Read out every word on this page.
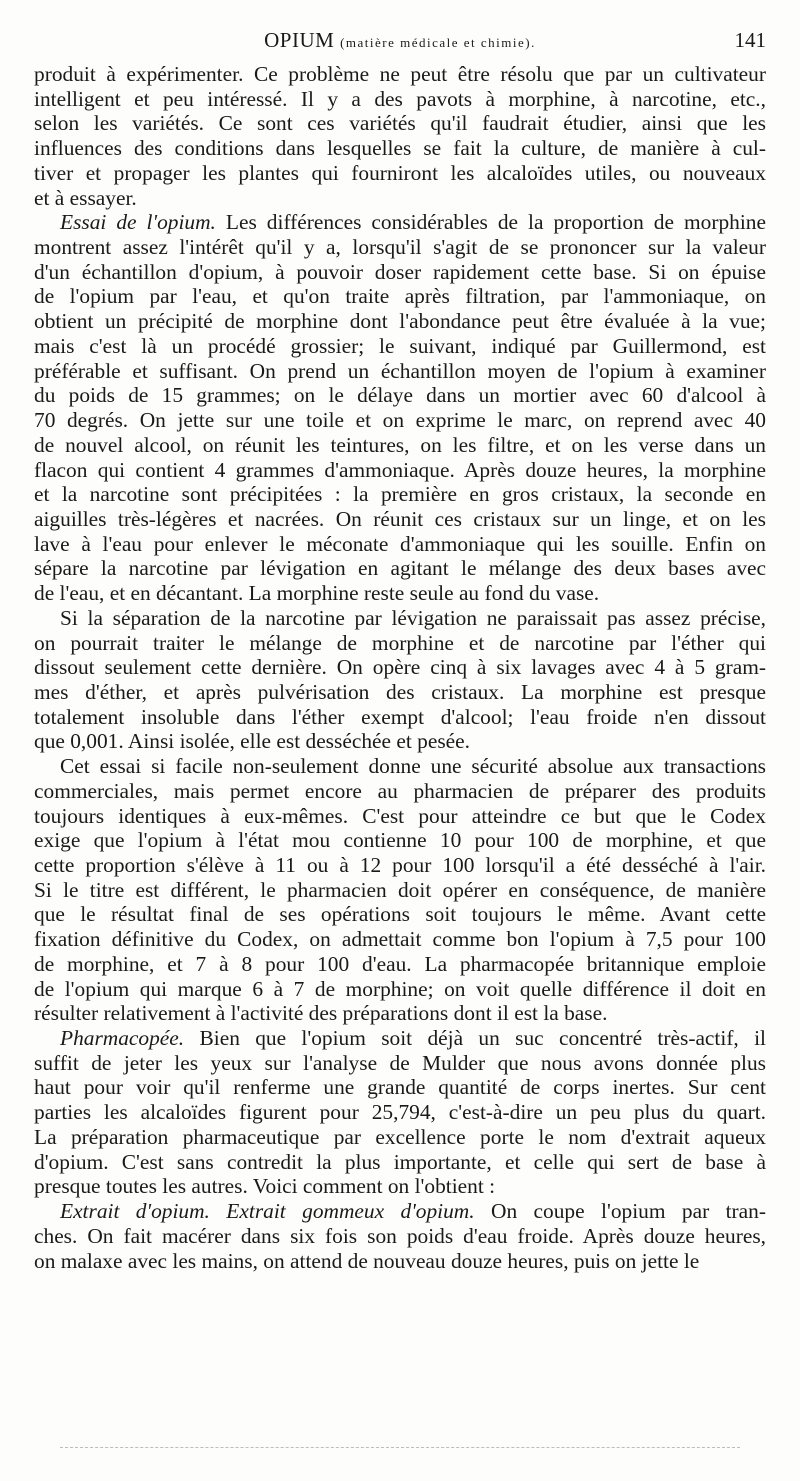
OPIUM (matière médicale et chimie).	141
produit à expérimenter. Ce problème ne peut être résolu que par un cultivateur
intelligent et peu intéressé. Il y a des pavots à morphine, à narcotine, etc.,
selon les variétés. Ce sont ces variétés qu'il faudrait étudier, ainsi que les
influences des conditions dans lesquelles se fait la culture, de manière à cul-
tiver et propager les plantes qui fourniront les alcaloïdes utiles, ou nouveaux
et à essayer.
Essai de l'opium. Les différences considérables de la proportion de morphine
montrent assez l'intérêt qu'il y a, lorsqu'il s'agit de se prononcer sur la valeur
d'un échantillon d'opium, à pouvoir doser rapidement cette base. Si on épuise
de l'opium par l'eau, et qu'on traite après filtration, par l'ammoniaque, on
obtient un précipité de morphine dont l'abondance peut être évaluée à la vue;
mais c'est là un procédé grossier; le suivant, indiqué par Guillermond, est
préférable et suffisant. On prend un échantillon moyen de l'opium à examiner
du poids de 15 grammes; on le délaye dans un mortier avec 60 d'alcool à
70 degrés. On jette sur une toile et on exprime le marc, on reprend avec 40
de nouvel alcool, on réunit les teintures, on les filtre, et on les verse dans un
flacon qui contient 4 grammes d'ammoniaque. Après douze heures, la morphine
et la narcotine sont précipitées : la première en gros cristaux, la seconde en
aiguilles très-légères et nacrées. On réunit ces cristaux sur un linge, et on les
lave à l'eau pour enlever le méconate d'ammoniaque qui les souille. Enfin on
sépare la narcotine par lévigation en agitant le mélange des deux bases avec
de l'eau, et en décantant. La morphine reste seule au fond du vase.
Si la séparation de la narcotine par lévigation ne paraissait pas assez précise,
on pourrait traiter le mélange de morphine et de narcotine par l'éther qui
dissout seulement cette dernière. On opère cinq à six lavages avec 4 à 5 gram-
mes d'éther, et après pulvérisation des cristaux. La morphine est presque
totalement insoluble dans l'éther exempt d'alcool; l'eau froide n'en dissout
que 0,001. Ainsi isolée, elle est desséchée et pesée.
Cet essai si facile non-seulement donne une sécurité absolue aux transactions
commerciales, mais permet encore au pharmacien de préparer des produits
toujours identiques à eux-mêmes. C'est pour atteindre ce but que le Codex
exige que l'opium à l'état mou contienne 10 pour 100 de morphine, et que
cette proportion s'élève à 11 ou à 12 pour 100 lorsqu'il a été desséché à l'air.
Si le titre est différent, le pharmacien doit opérer en conséquence, de manière
que le résultat final de ses opérations soit toujours le même. Avant cette
fixation définitive du Codex, on admettait comme bon l'opium à 7,5 pour 100
de morphine, et 7 à 8 pour 100 d'eau. La pharmacopée britannique emploie
de l'opium qui marque 6 à 7 de morphine; on voit quelle différence il doit en
résulter relativement à l'activité des préparations dont il est la base.
Pharmacopée. Bien que l'opium soit déjà un suc concentré très-actif, il
suffit de jeter les yeux sur l'analyse de Mulder que nous avons donnée plus
haut pour voir qu'il renferme une grande quantité de corps inertes. Sur cent
parties les alcaloïdes figurent pour 25,794, c'est-à-dire un peu plus du quart.
La préparation pharmaceutique par excellence porte le nom d'extrait aqueux
d'opium. C'est sans contredit la plus importante, et celle qui sert de base à
presque toutes les autres. Voici comment on l'obtient :
Extrait d'opium. Extrait gommeux d'opium. On coupe l'opium par tran-
ches. On fait macérer dans six fois son poids d'eau froide. Après douze heures,
on malaxe avec les mains, on attend de nouveau douze heures, puis on jette le
